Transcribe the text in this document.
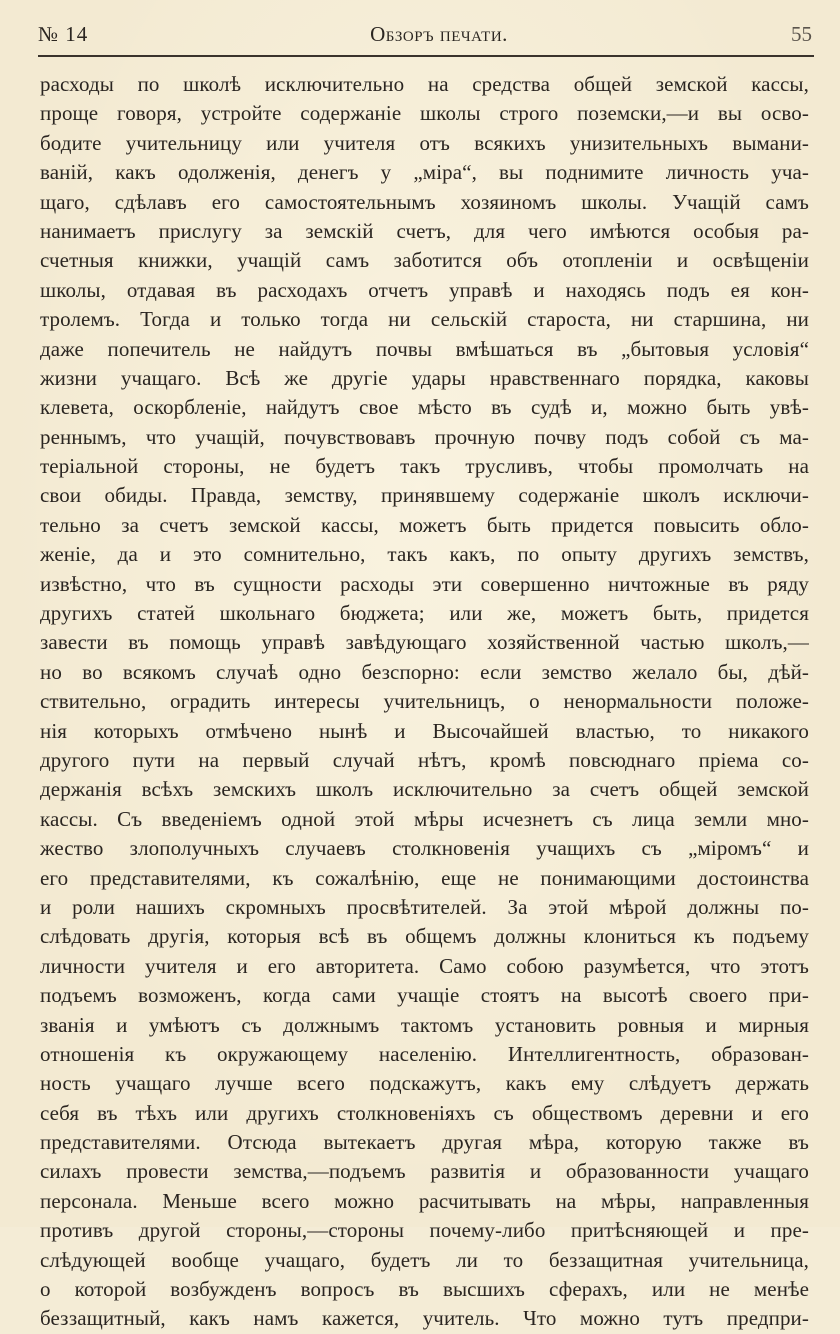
№ 14	Обзоръ печати.	55
расходы по школѣ исключительно на средства общей земской кассы,
проще говоря, устройте содержаніе школы строго поземски,—и вы осво-
бодите учительницу или учителя отъ всякихъ унизительныхъ вымани-
ваній, какъ одолженія, денегъ у „міра“, вы поднимите личность уча-
щаго, сдѣлавъ его самостоятельнымъ хозяиномъ школы. Учащій самъ
нанимаетъ прислугу за земскій счетъ, для чего имѣются особыя ра-
счетныя книжки, учащій самъ заботится объ отопленіи и освѣщеніи
школы, отдавая въ расходахъ отчетъ управѣ и находясь подъ ея кон-
тролемъ. Тогда и только тогда ни сельскій староста, ни старшина, ни
даже попечитель не найдутъ почвы вмѣшаться въ „бытовыя условія“
жизни учащаго. Всѣ же другіе удары нравственнаго порядка, каковы
клевета, оскорбленіе, найдутъ свое мѣсто въ судѣ и, можно быть увѣ-
реннымъ, что учащій, почувствовавъ прочную почву подъ собой съ ма-
теріальной стороны, не будетъ такъ труcливъ, чтобы промолчать на
свои обиды. Правда, земству, принявшему содержаніе школъ исключи-
тельно за счетъ земской кассы, можетъ быть придется повысить обло-
женіе, да и это сомнительно, такъ какъ, по опыту другихъ земствъ,
извѣстно, что въ сущности расходы эти совершенно ничтожные въ ряду
другихъ статей школьнаго бюджета; или же, можетъ быть, придется
завести въ помощь управѣ завѣдующаго хозяйственной частью школъ,—
но во всякомъ случаѣ одно безспорно: если земство желало бы, дѣй-
ствительно, оградить интересы учительницъ, о ненормальности положе-
нія которыхъ отмѣчено нынѣ и Высочайшей властью, то никакого
другого пути на первый случай нѣтъ, кромѣ повсюднаго пріема со-
держанія всѣхъ земскихъ школъ исключительно за счетъ общей земской
кассы. Съ введеніемъ одной этой мѣры исчезнетъ съ лица земли мно-
жество злополучныхъ случаевъ столкновенія учащихъ съ „міромъ“ и
его представителями, къ сожалѣнію, еще не понимающими достоинства
и роли нашихъ скромныхъ просвѣтителей. За этой мѣрой должны по-
слѣдовать другія, которыя всѣ въ общемъ должны клониться къ подъему
личности учителя и его авторитета. Само собою разумѣется, что этотъ
подъемъ возможенъ, когда сами учащіе стоятъ на высотѣ своего при-
званія и умѣютъ съ должнымъ тактомъ установить ровныя и мирныя
отношенія къ окружающему населенію. Интеллигентность, образован-
ность учащаго лучше всего подскажутъ, какъ ему слѣдуетъ держать
себя въ тѣхъ или другихъ столкновеніяхъ съ обществомъ деревни и его
представителями. Отсюда вытекаетъ другая мѣра, которую также въ
силахъ провести земства,—подъемъ развитія и образованности учащаго
персонала. Меньше всего можно расчитывать на мѣры, направленныя
противъ другой стороны,—стороны почему-либо притѣсняющей и пре-
слѣдующей вообще учащаго, будетъ ли то беззащитная учительница,
о которой возбужденъ вопросъ въ высшихъ сферахъ, или не менѣе
беззащитный, какъ намъ кажется, учитель. Что можно тутъ предпри-
